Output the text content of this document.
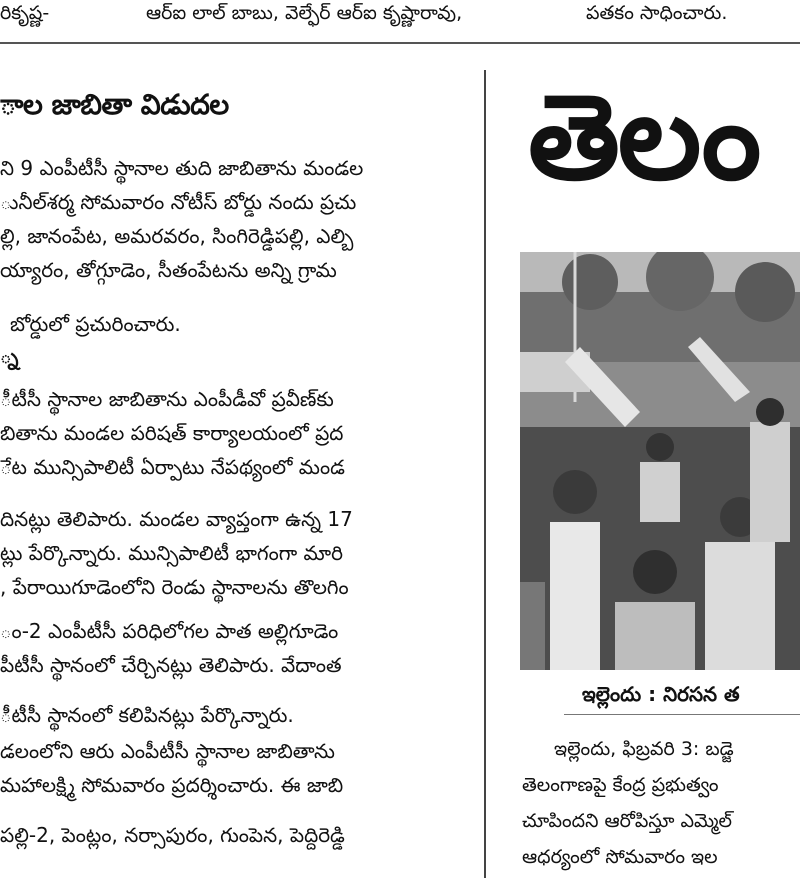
రికృష్ణ-	ఆర్ఐ లాల్ బాబు, వెల్ఫేర్ ఆర్ఐ కృష్ణారావు,	పతకం సాధించారు.
ాల జాబితా విడుదల
ని 9 ఎంపీటీసీ స్థానాల తుది జాబితాను మండల
ునీల్‌శర్మ సోమవారం నోటీస్ బోర్డు నందు ప్రచు
ల్లి, జానంపేట, అమరవరం, సింగిరెడ్డిపల్లి, ఎల్బి
య్యారం, తోగ్గూడెం, సీతంపేటను అన్ని గ్రామ
బోర్డులో ప్రచురించారు.
్న
ీటీసీ స్థానాల జాబితాను ఎంపీడీవో ప్రవీణ్‌కు
బితాను మండల పరిషత్ కార్యాలయంలో ప్రద
ేట మున్సిపాలిటీ ఏర్పాటు నేపథ్యంలో మండ
దినట్లు తెలిపారు. మండల వ్యాప్తంగా ఉన్న 17
ట్లు పేర్కొన్నారు. మున్సిపాలిటీ భాగంగా మారి
, పేరాయిగూడెంలోని రెండు స్థానాలను తొలగిం
ం-2 ఎంపీటీసీ పరిధిలోగల పాత అల్లిగూడెం
పీటీసీ స్థానంలో చేర్చినట్లు తెలిపారు. వేదాంత
ీటీసీ స్థానంలో కలిపినట్లు పేర్కొన్నారు.
డలంలోని ఆరు ఎంపీటీసీ స్థానాల జాబితాను
మహాలక్ష్మి సోమవారం ప్రదర్శించారు. ఈ జాబి
పల్లి-2, పెంట్లం, నర్సాపురం, గుంపెన, పెద్దిరెడ్డి
తెలం
ఇల్లెందు : నిరసన త
ఇల్లెందు, ఫిబ్రవరి 3: బడ్జె
తెలంగాణపై కేంద్ర ప్రభుత్వం
చూపిందని ఆరోపిస్తూ ఎమ్మెల్
ఆధర్యంలో సోమవారం ఇల
